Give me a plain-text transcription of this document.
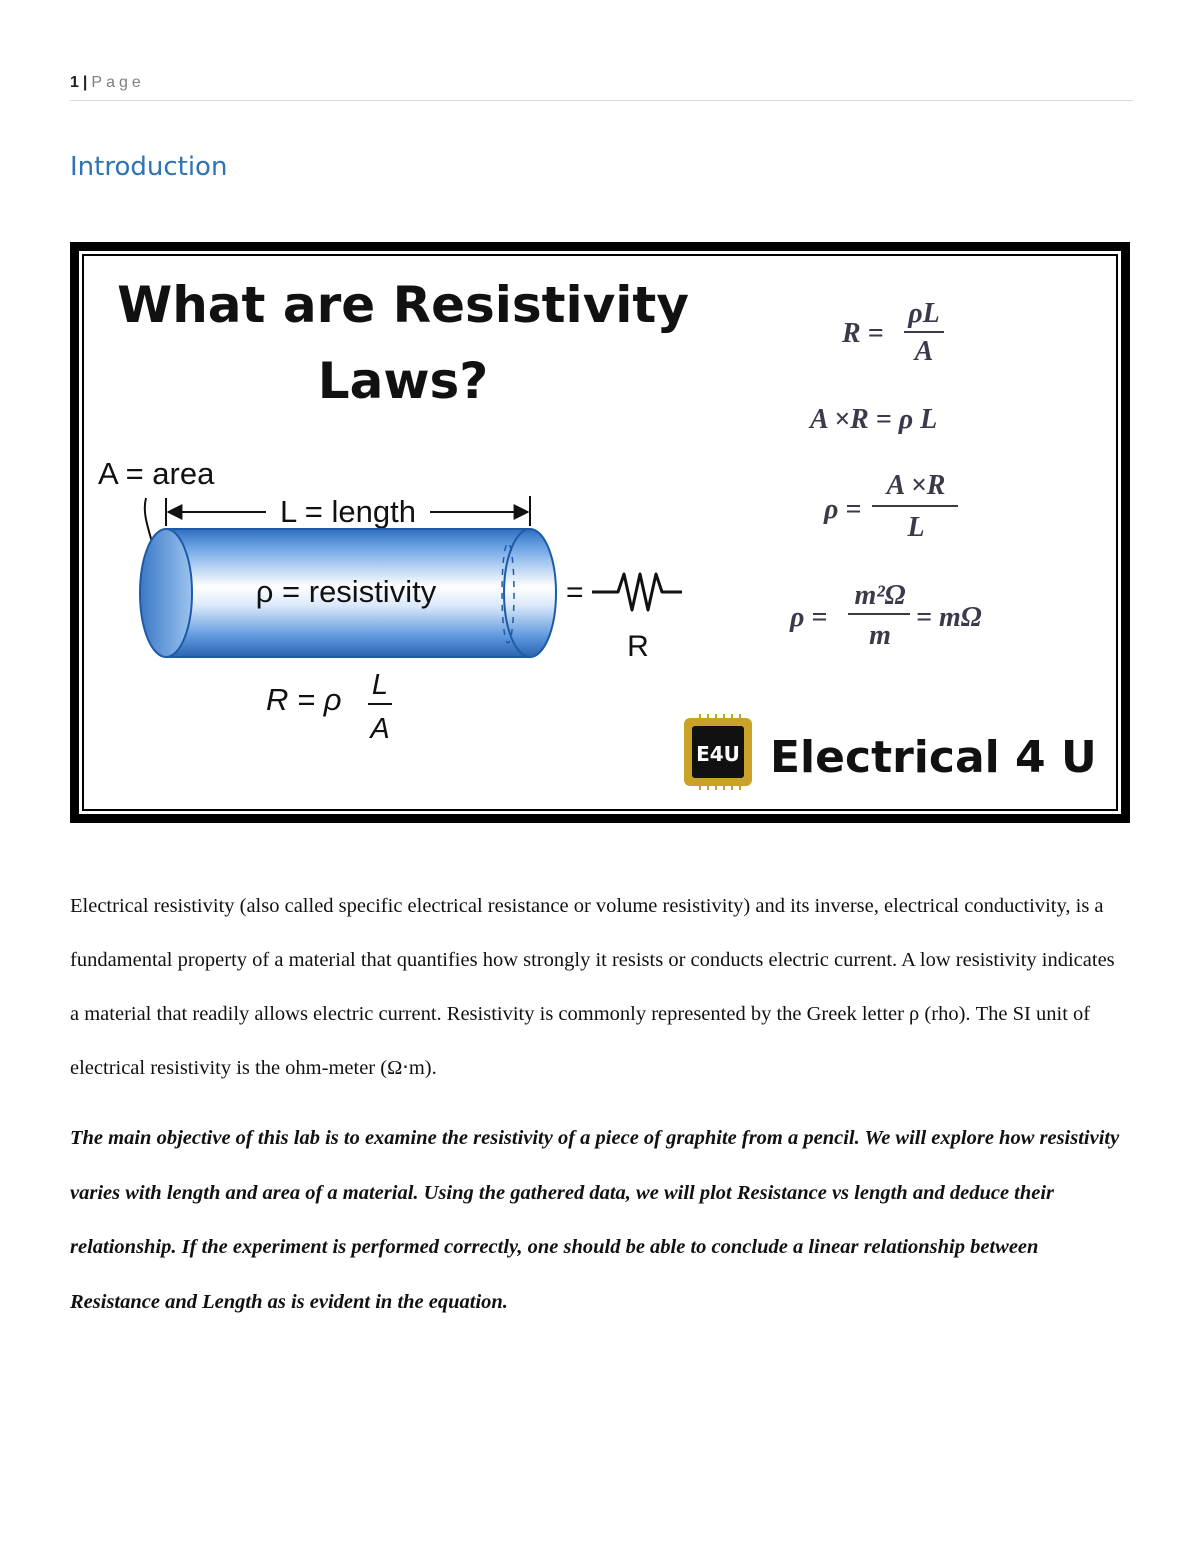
1 | Page
Introduction
What are Resistivity
Laws?
A = area
L = length
ρ = resistivity	=
R
R = ρ L
A
R =
ρL
A
A ×R = ρ L
ρ =
A ×R
L
ρ =
m²Ω
m
= mΩ
E4U Electrical 4 U

Electrical resistivity (also called specific electrical resistance or volume resistivity) and its inverse, electrical conductivity, is a fundamental property of a material that quantifies how strongly it resists or conducts electric current. A low resistivity indicates a material that readily allows electric current. Resistivity is commonly represented by the Greek letter ρ (rho). The SI unit of electrical resistivity is the ohm-meter (Ω⋅m).

The main objective of this lab is to examine the resistivity of a piece of graphite from a pencil. We will explore how resistivity varies with length and area of a material. Using the gathered data, we will plot Resistance vs length and deduce their relationship. If the experiment is performed correctly, one should be able to conclude a linear relationship between Resistance and Length as is evident in the equation.
